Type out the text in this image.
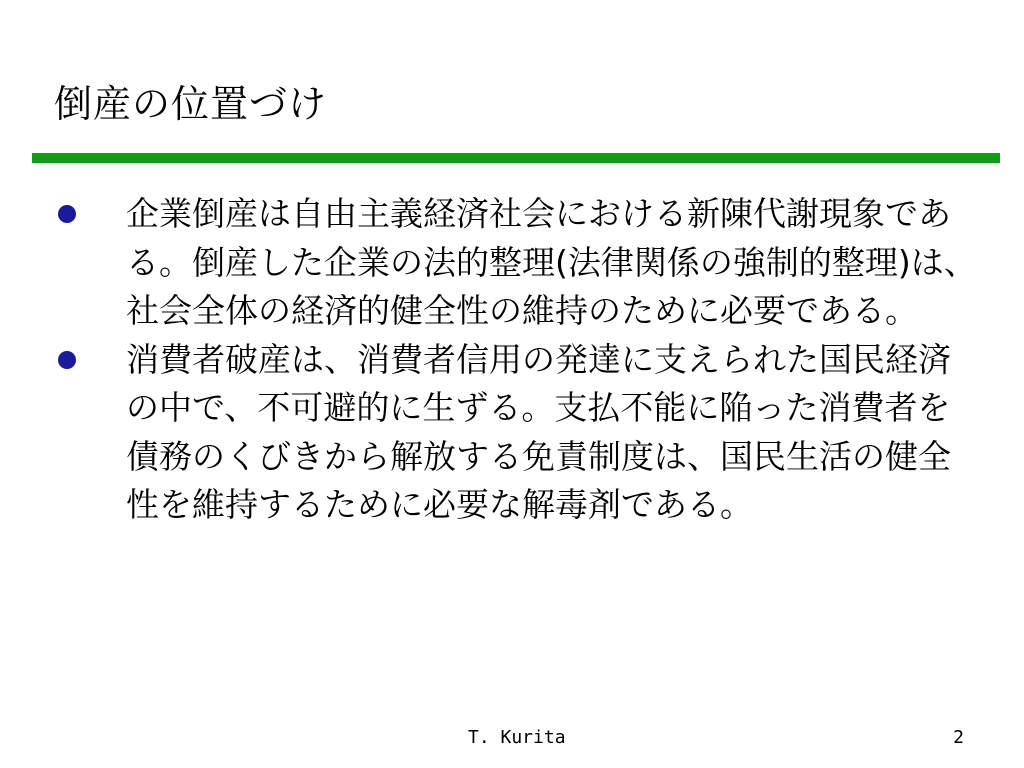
倒産の位置づけ
企業倒産は自由主義経済社会における新陳代謝現象である。倒産した企業の法的整理(法律関係の強制的整理)は、社会全体の経済的健全性の維持のために必要である。
消費者破産は、消費者信用の発達に支えられた国民経済の中で、不可避的に生ずる。支払不能に陥った消費者を債務のくびきから解放する免責制度は、国民生活の健全性を維持するために必要な解毒剤である。
T. Kurita	2
